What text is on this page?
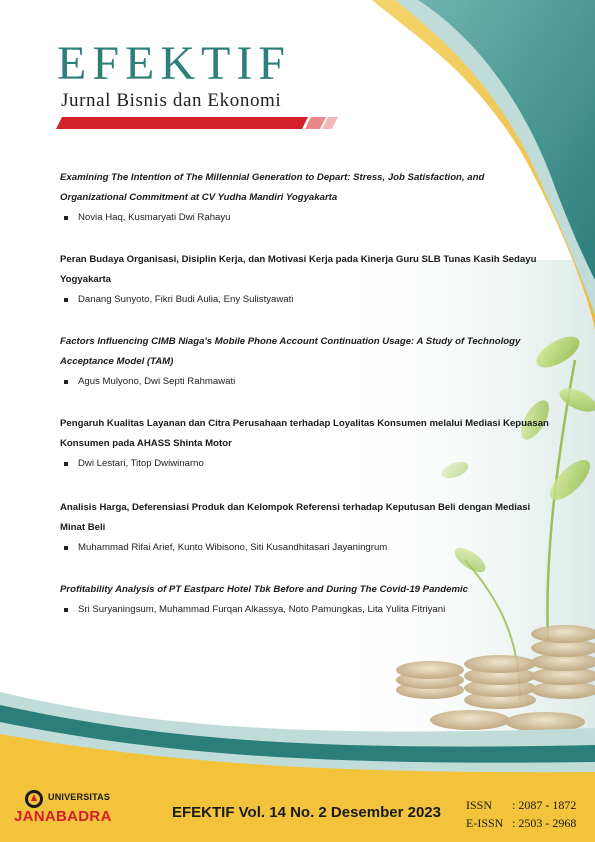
EFEKTIF

Jurnal Bisnis dan Ekonomi

Examining The Intention of The Millennial Generation to Depart: Stress, Job Satisfaction, and Organizational Commitment at CV Yudha Mandiri Yogyakarta

Novia Haq, Kusmaryati Dwi Rahayu

Peran Budaya Organisasi, Disiplin Kerja, dan Motivasi Kerja pada Kinerja Guru SLB Tunas Kasih Sedayu Yogyakarta

Danang Sunyoto, Fikri Budi Aulia, Eny Sulistyawati

Factors Influencing CIMB Niaga's Mobile Phone Account Continuation Usage: A Study of Technology Acceptance Model (TAM)

Agus Mulyono, Dwi Septi Rahmawati

Pengaruh Kualitas Layanan dan Citra Perusahaan terhadap Loyalitas Konsumen melalui Mediasi Kepuasan Konsumen pada AHASS Shinta Motor

Dwi Lestari, Titop Dwiwinarno

Analisis Harga, Deferensiasi Produk dan Kelompok Referensi terhadap Keputusan Beli dengan Mediasi Minat Beli

Muhammad Rifai Arief, Kunto Wibisono, Siti Kusandhitasari Jayaningrum

Profitability Analysis of PT Eastparc Hotel Tbk Before and During The Covid-19 Pandemic

Sri Suryaningsum, Muhammad Furqan Alkassya, Noto Pamungkas, Lita Yulita Fitriyani

UNIVERSITAS
JANABADRA	EFEKTIF Vol. 14 No. 2 Desember 2023 ISSN : 2087 - 1872
E-ISSN : 2503 - 2968
